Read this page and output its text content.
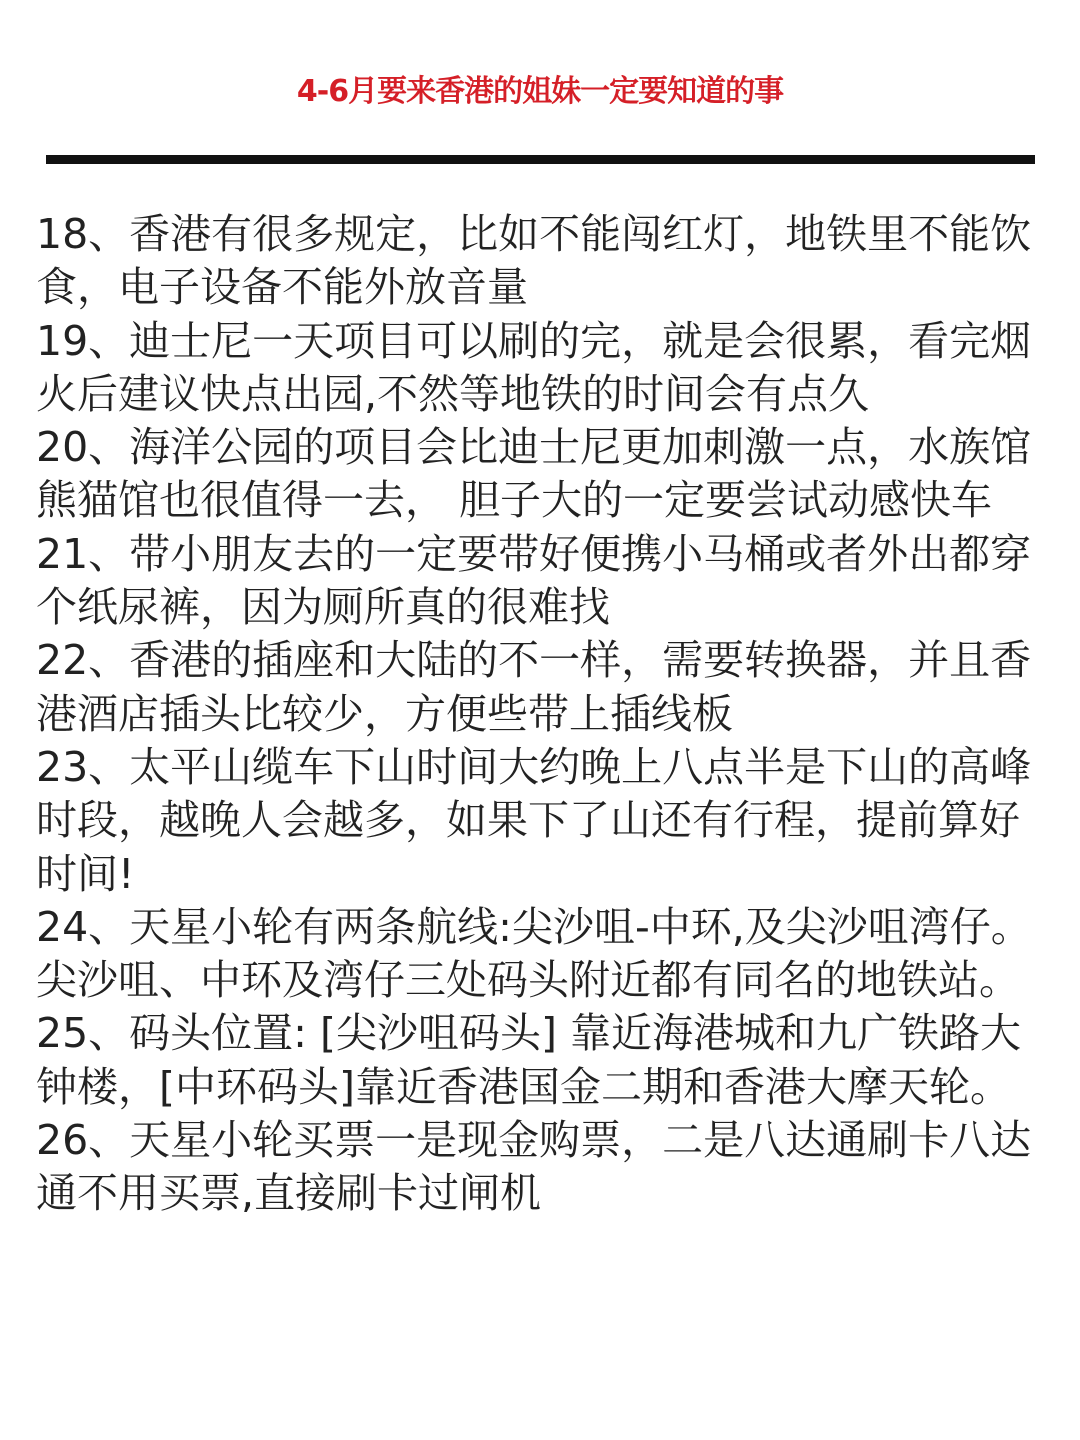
4-6月要来香港的姐妹一定要知道的事

18、香港有很多规定，比如不能闯红灯，地铁里不能饮食，电子设备不能外放音量

19、迪士尼一天项目可以刷的完，就是会很累，看完烟火后建议快点出园,不然等地铁的时间会有点久

20、海洋公园的项目会比迪士尼更加刺激一点，水族馆熊猫馆也很值得一去， 胆子大的一定要尝试动感快车

21、带小朋友去的一定要带好便携小马桶或者外出都穿个纸尿裤，因为厕所真的很难找

22、香港的插座和大陆的不一样，需要转换器，并且香港酒店插头比较少，方便些带上插线板

23、太平山缆车下山时间大约晚上八点半是下山的高峰时段，越晚人会越多，如果下了山还有行程，提前算好时间!

24、天星小轮有两条航线:尖沙咀-中环,及尖沙咀湾仔。尖沙咀、中环及湾仔三处码头附近都有同名的地铁站。

25、码头位置: [尖沙咀码头] 靠近海港城和九广铁路大钟楼，[中环码头]靠近香港国金二期和香港大摩天轮。

26、天星小轮买票一是现金购票，二是八达通刷卡八达通不用买票,直接刷卡过闸机
